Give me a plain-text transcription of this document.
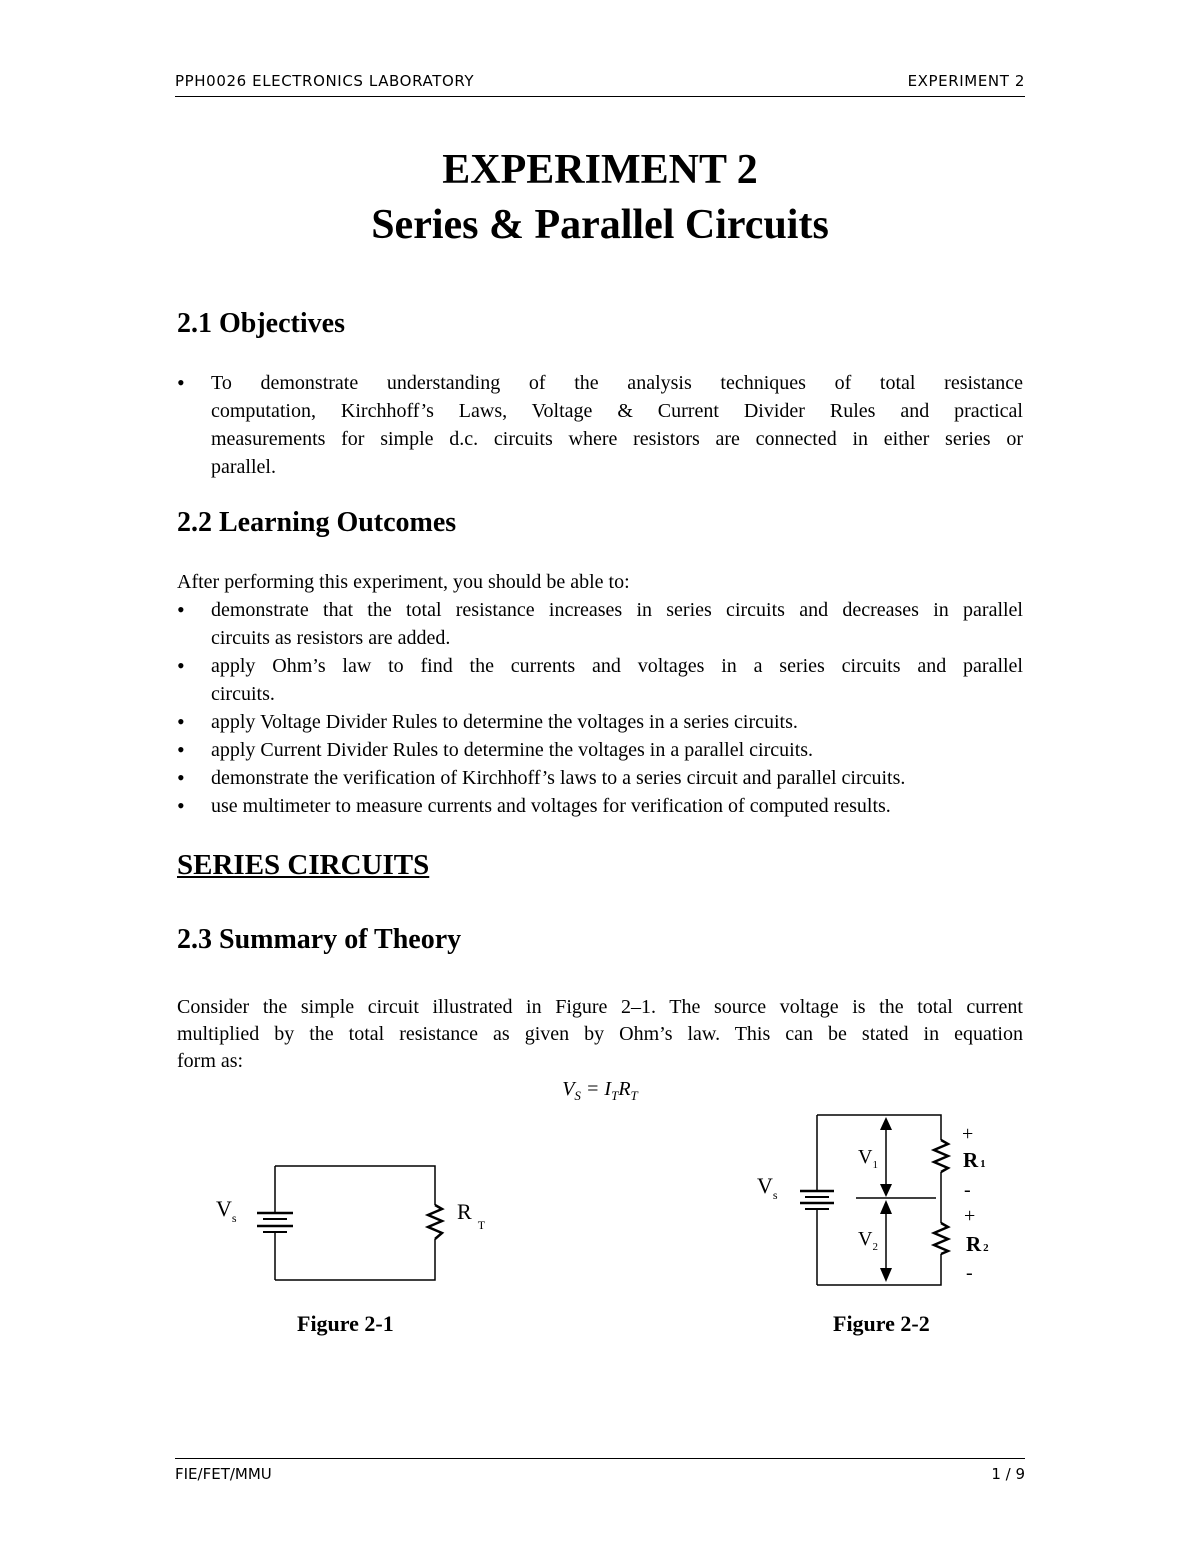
PPH0026 ELECTRONICS LABORATORY	EXPERIMENT 2
EXPERIMENT 2
Series & Parallel Circuits
2.1 Objectives
• To demonstrate understanding of the analysis techniques of total resistance
computation, Kirchhoff’s Laws, Voltage & Current Divider Rules and practical
measurements for simple d.c. circuits where resistors are connected in either series or
parallel.
2.2 Learning Outcomes
After performing this experiment, you should be able to:
• demonstrate that the total resistance increases in series circuits and decreases in parallel
circuits as resistors are added.
• apply Ohm’s law to find the currents and voltages in a series circuits and parallel
circuits.
• apply Voltage Divider Rules to determine the voltages in a series circuits.
• apply Current Divider Rules to determine the voltages in a parallel circuits.
• demonstrate the verification of Kirchhoff’s laws to a series circuit and parallel circuits.
• use multimeter to measure currents and voltages for verification of computed results.
SERIES CIRCUITS
2.3 Summary of Theory
Consider the simple circuit illustrated in Figure 2–1. The source voltage is the total current
multiplied by the total resistance as given by Ohm’s law. This can be stated in equation
form as:
$V_S = I_TR_T$
$V_s$	$R_T$
Figure 2-1
$V_s$
$V_1$
$V_2$
R 1
R 2
+
-
+
-
Figure 2-2
FIE/FET/MMU	1 / 9
